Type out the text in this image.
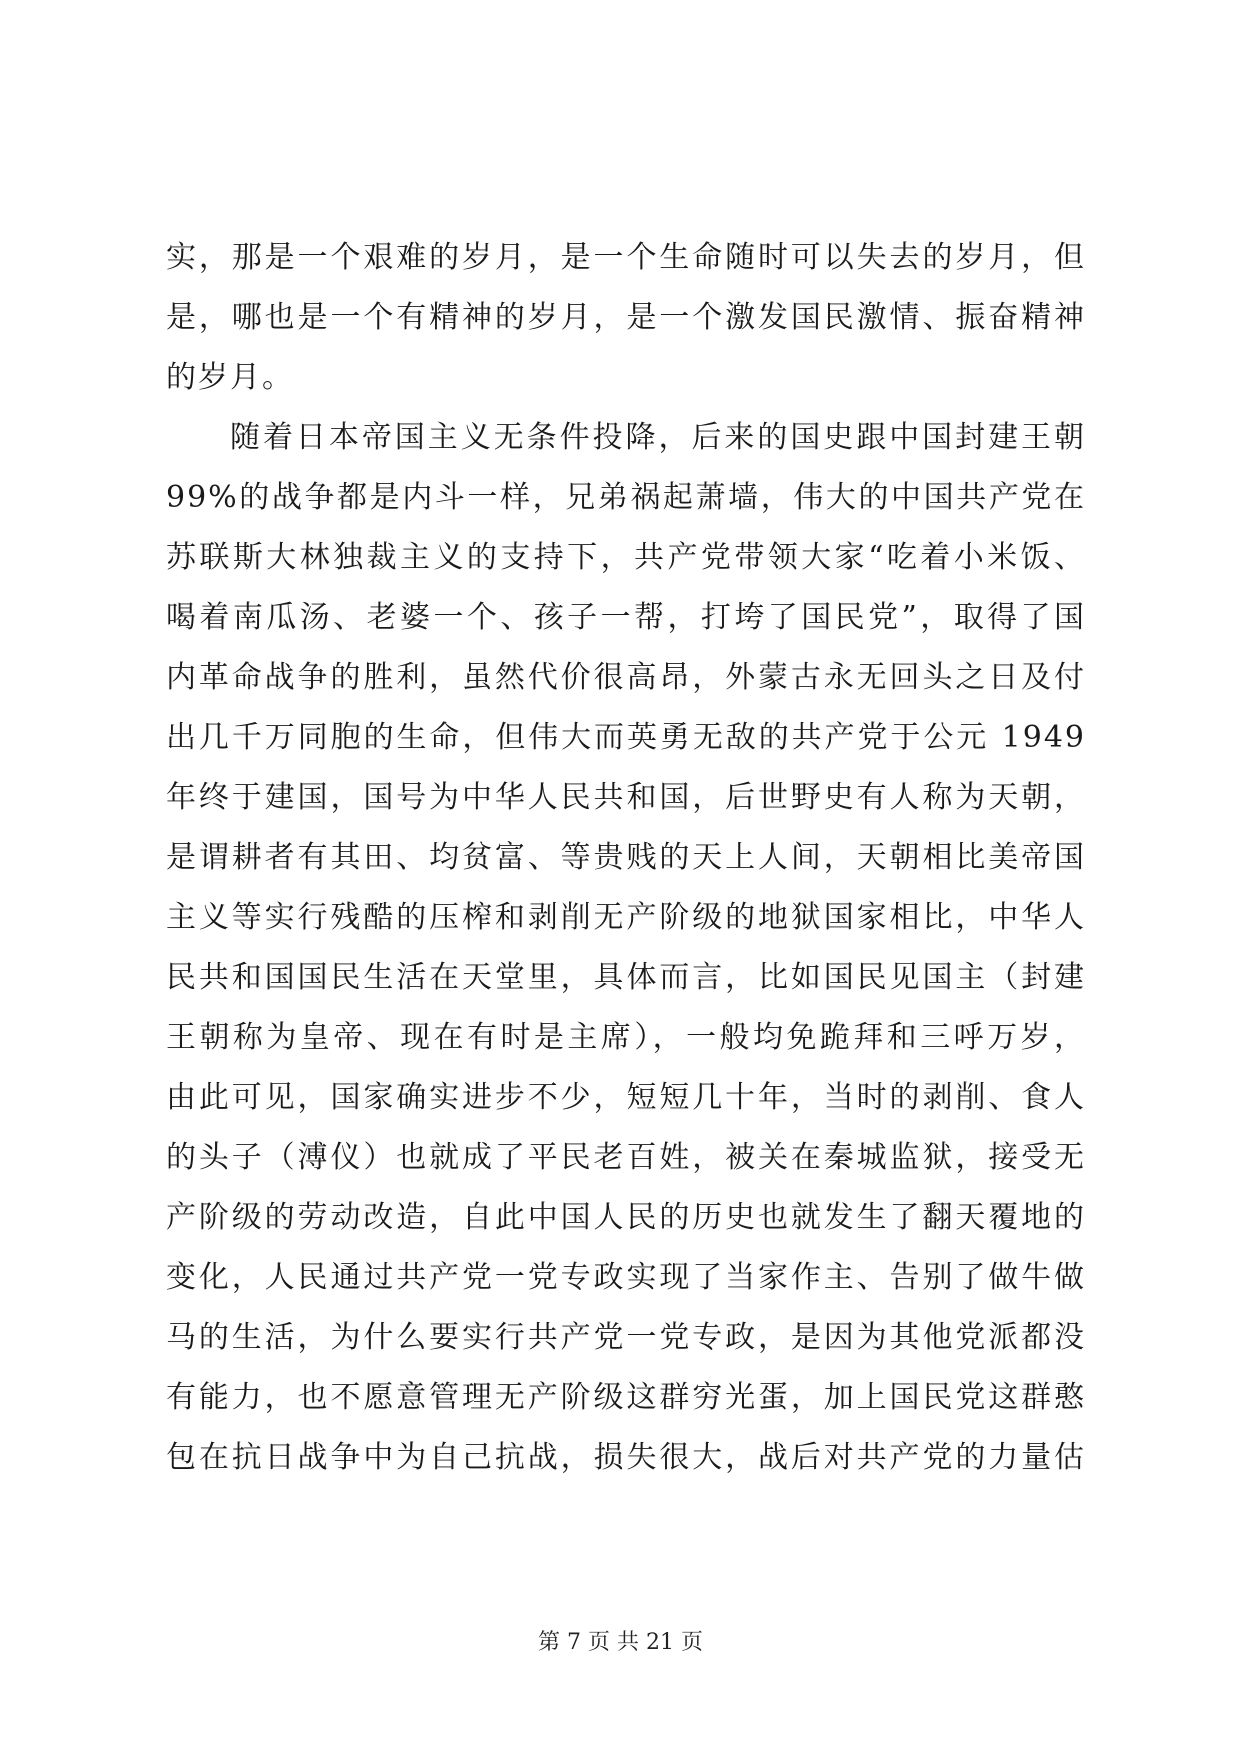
实，那是一个艰难的岁月，是一个生命随时可以失去的岁月，但
是，哪也是一个有精神的岁月，是一个激发国民激情、振奋精神
的岁月。
随着日本帝国主义无条件投降，后来的国史跟中国封建王朝
99%的战争都是内斗一样，兄弟祸起萧墙，伟大的中国共产党在
苏联斯大林独裁主义的支持下，共产党带领大家“吃着小米饭、
喝着南瓜汤、老婆一个、孩子一帮，打垮了国民党”，取得了国
内革命战争的胜利，虽然代价很高昂，外蒙古永无回头之日及付
出几千万同胞的生命，但伟大而英勇无敌的共产党于公元 1949
年终于建国，国号为中华人民共和国，后世野史有人称为天朝，
是谓耕者有其田、均贫富、等贵贱的天上人间，天朝相比美帝国
主义等实行残酷的压榨和剥削无产阶级的地狱国家相比，中华人
民共和国国民生活在天堂里，具体而言，比如国民见国主（封建
王朝称为皇帝、现在有时是主席），一般均免跪拜和三呼万岁，
由此可见，国家确实进步不少，短短几十年，当时的剥削、食人
的头子（溥仪）也就成了平民老百姓，被关在秦城监狱，接受无
产阶级的劳动改造，自此中国人民的历史也就发生了翻天覆地的
变化，人民通过共产党一党专政实现了当家作主、告别了做牛做
马的生活，为什么要实行共产党一党专政，是因为其他党派都没
有能力，也不愿意管理无产阶级这群穷光蛋，加上国民党这群憨
包在抗日战争中为自己抗战，损失很大，战后对共产党的力量估
第 7 页 共 21 页
